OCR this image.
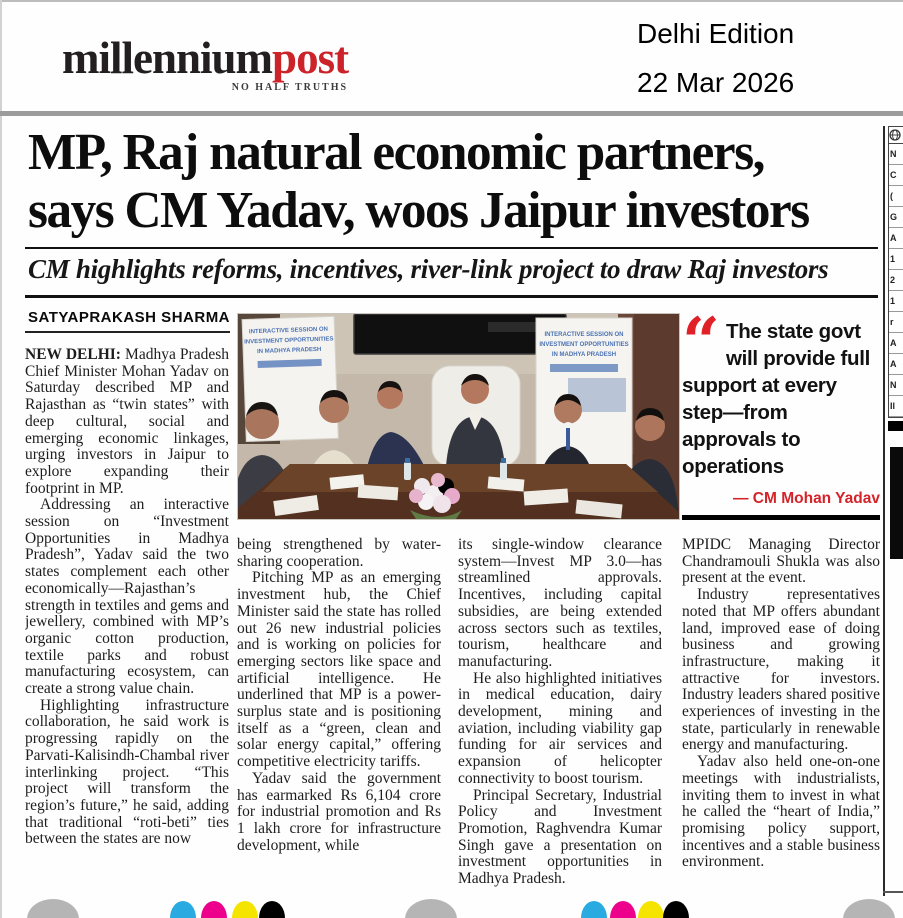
millenniumpost
NO HALF TRUTHS
Delhi Edition
22 Mar 2026
MP, Raj natural economic partners,
says CM Yadav, woos Jaipur investors
CM highlights reforms, incentives, river-link project to draw Raj investors
SATYAPRAKASH SHARMA

NEW DELHI: Madhya Pradesh Chief Minister Mohan Yadav on Saturday described MP and Rajasthan as “twin states” with deep cultural, social and emerging economic linkages, urging investors in Jaipur to explore expanding their footprint in MP.

Addressing an interactive session on “Investment Opportunities in Madhya Pradesh”, Yadav said the two states complement each other economically—Rajasthan’s strength in textiles and gems and jewellery, combined with MP’s organic cotton production, textile parks and robust manufacturing ecosystem, can create a strong value chain.

Highlighting infrastructure collaboration, he said work is progressing rapidly on the Parvati-Kalisindh-Chambal river interlinking project. “This project will transform the region’s future,” he said, adding that traditional “roti-beti” ties between the states are now

INTERACTIVE SESSION ON
INVESTMENT OPPORTUNITIES
IN MADHYA PRADESH
INTERACTIVE SESSION ON
INVESTMENT OPPORTUNITIES
IN MADHYA PRADESH “ The state govt will provide full support at every step—from approvals to operations
— CM Mohan Yadav

being strengthened by water-sharing cooperation.

Pitching MP as an emerging investment hub, the Chief Minister said the state has rolled out 26 new industrial policies and is working on policies for emerging sectors like space and artificial intelligence. He underlined that MP is a power-surplus state and is positioning itself as a “green, clean and solar energy capital,” offering competitive electricity tariffs.

Yadav said the government has earmarked Rs 6,104 crore for industrial promotion and Rs 1 lakh crore for infrastructure development, while

its single-window clearance system—Invest MP 3.0—has streamlined approvals. Incentives, including capital subsidies, are being extended across sectors such as textiles, tourism, healthcare and manufacturing.

He also highlighted initiatives in medical education, dairy development, mining and aviation, including viability gap funding for air services and expansion of helicopter connectivity to boost tourism.

Principal Secretary, Industrial Policy and Investment Promotion, Raghvendra Kumar Singh gave a presentation on investment opportunities in Madhya Pradesh.

MPIDC Managing Director Chandramouli Shukla was also present at the event.

Industry representatives noted that MP offers abundant land, improved ease of doing business and growing infrastructure, making it attractive for investors. Industry leaders shared positive experiences of investing in the state, particularly in renewable energy and manufacturing.

Yadav also held one-on-one meetings with industrialists, inviting them to invest in what he called the “heart of India,” promising policy support, incentives and a stable business environment.

N
C
(
G
A
1
2
1
r
A
A
N
Il
